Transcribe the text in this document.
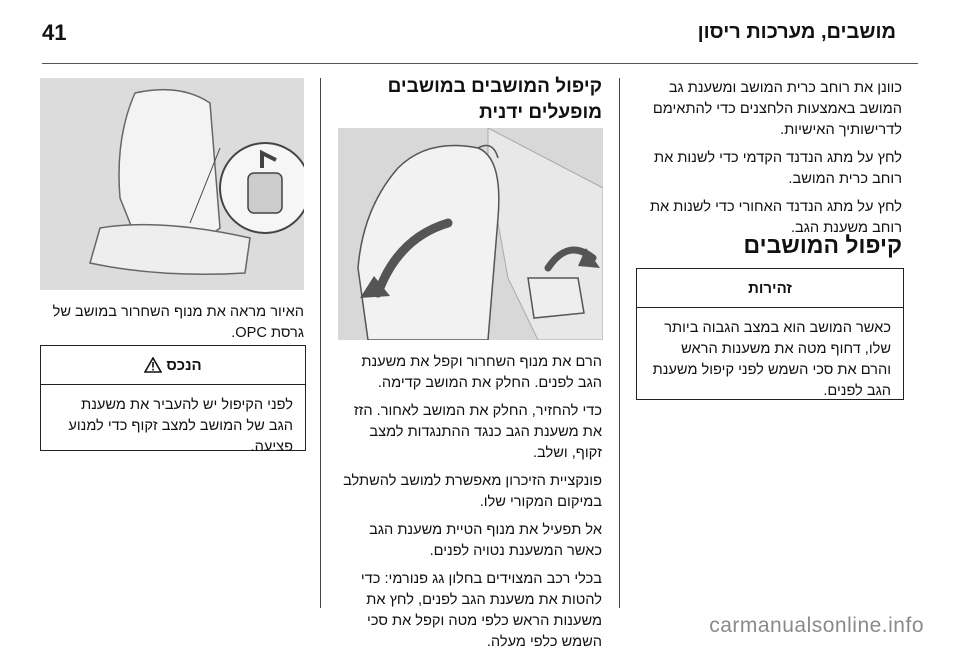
41	מושבים, מערכות ריסון

כוונן את רוחב כרית המושב ומשענת גב המושב באמצעות הלחצנים כדי להתאימם לדרישותיך האישיות.

לחץ על מתג הנדנד הקדמי כדי לשנות את רוחב כרית המושב.

לחץ על מתג הנדנד האחורי כדי לשנות את רוחב משענת הגב.

קיפול המושבים
זהירות
כאשר המושב הוא במצב הגבוה ביותר שלו, דחוף מטה את משענות הראש והרם את סכי השמש לפני קיפול משענת הגב לפנים.
קיפול המושבים במושבים מופעלים ידנית

הרם את מנוף השחרור וקפל את משענת הגב לפנים. החלק את המושב קדימה.

כדי להחזיר, החלק את המושב לאחור. הזז את משענת הגב כנגד ההתנגדות למצב זקוף, ושלב.

פונקציית הזיכרון מאפשרת למושב להשתלב במיקום המקורי שלו.

אל תפעיל את מנוף הטיית משענת הגב כאשר המשענת נטויה לפנים.

בכלי רכב המצוידים בחלון גג פנורמי: כדי להטות את משענת הגב לפנים, לחץ את משענות הראש כלפי מטה וקפל את סכי השמש כלפי מעלה.

האיור מראה את מנוף השחרור במושב של גרסת OPC.
הנכס
לפני הקיפול יש להעביר את משענת הגב של המושב למצב זקוף כדי למנוע פציעה.
carmanualsonline.info
